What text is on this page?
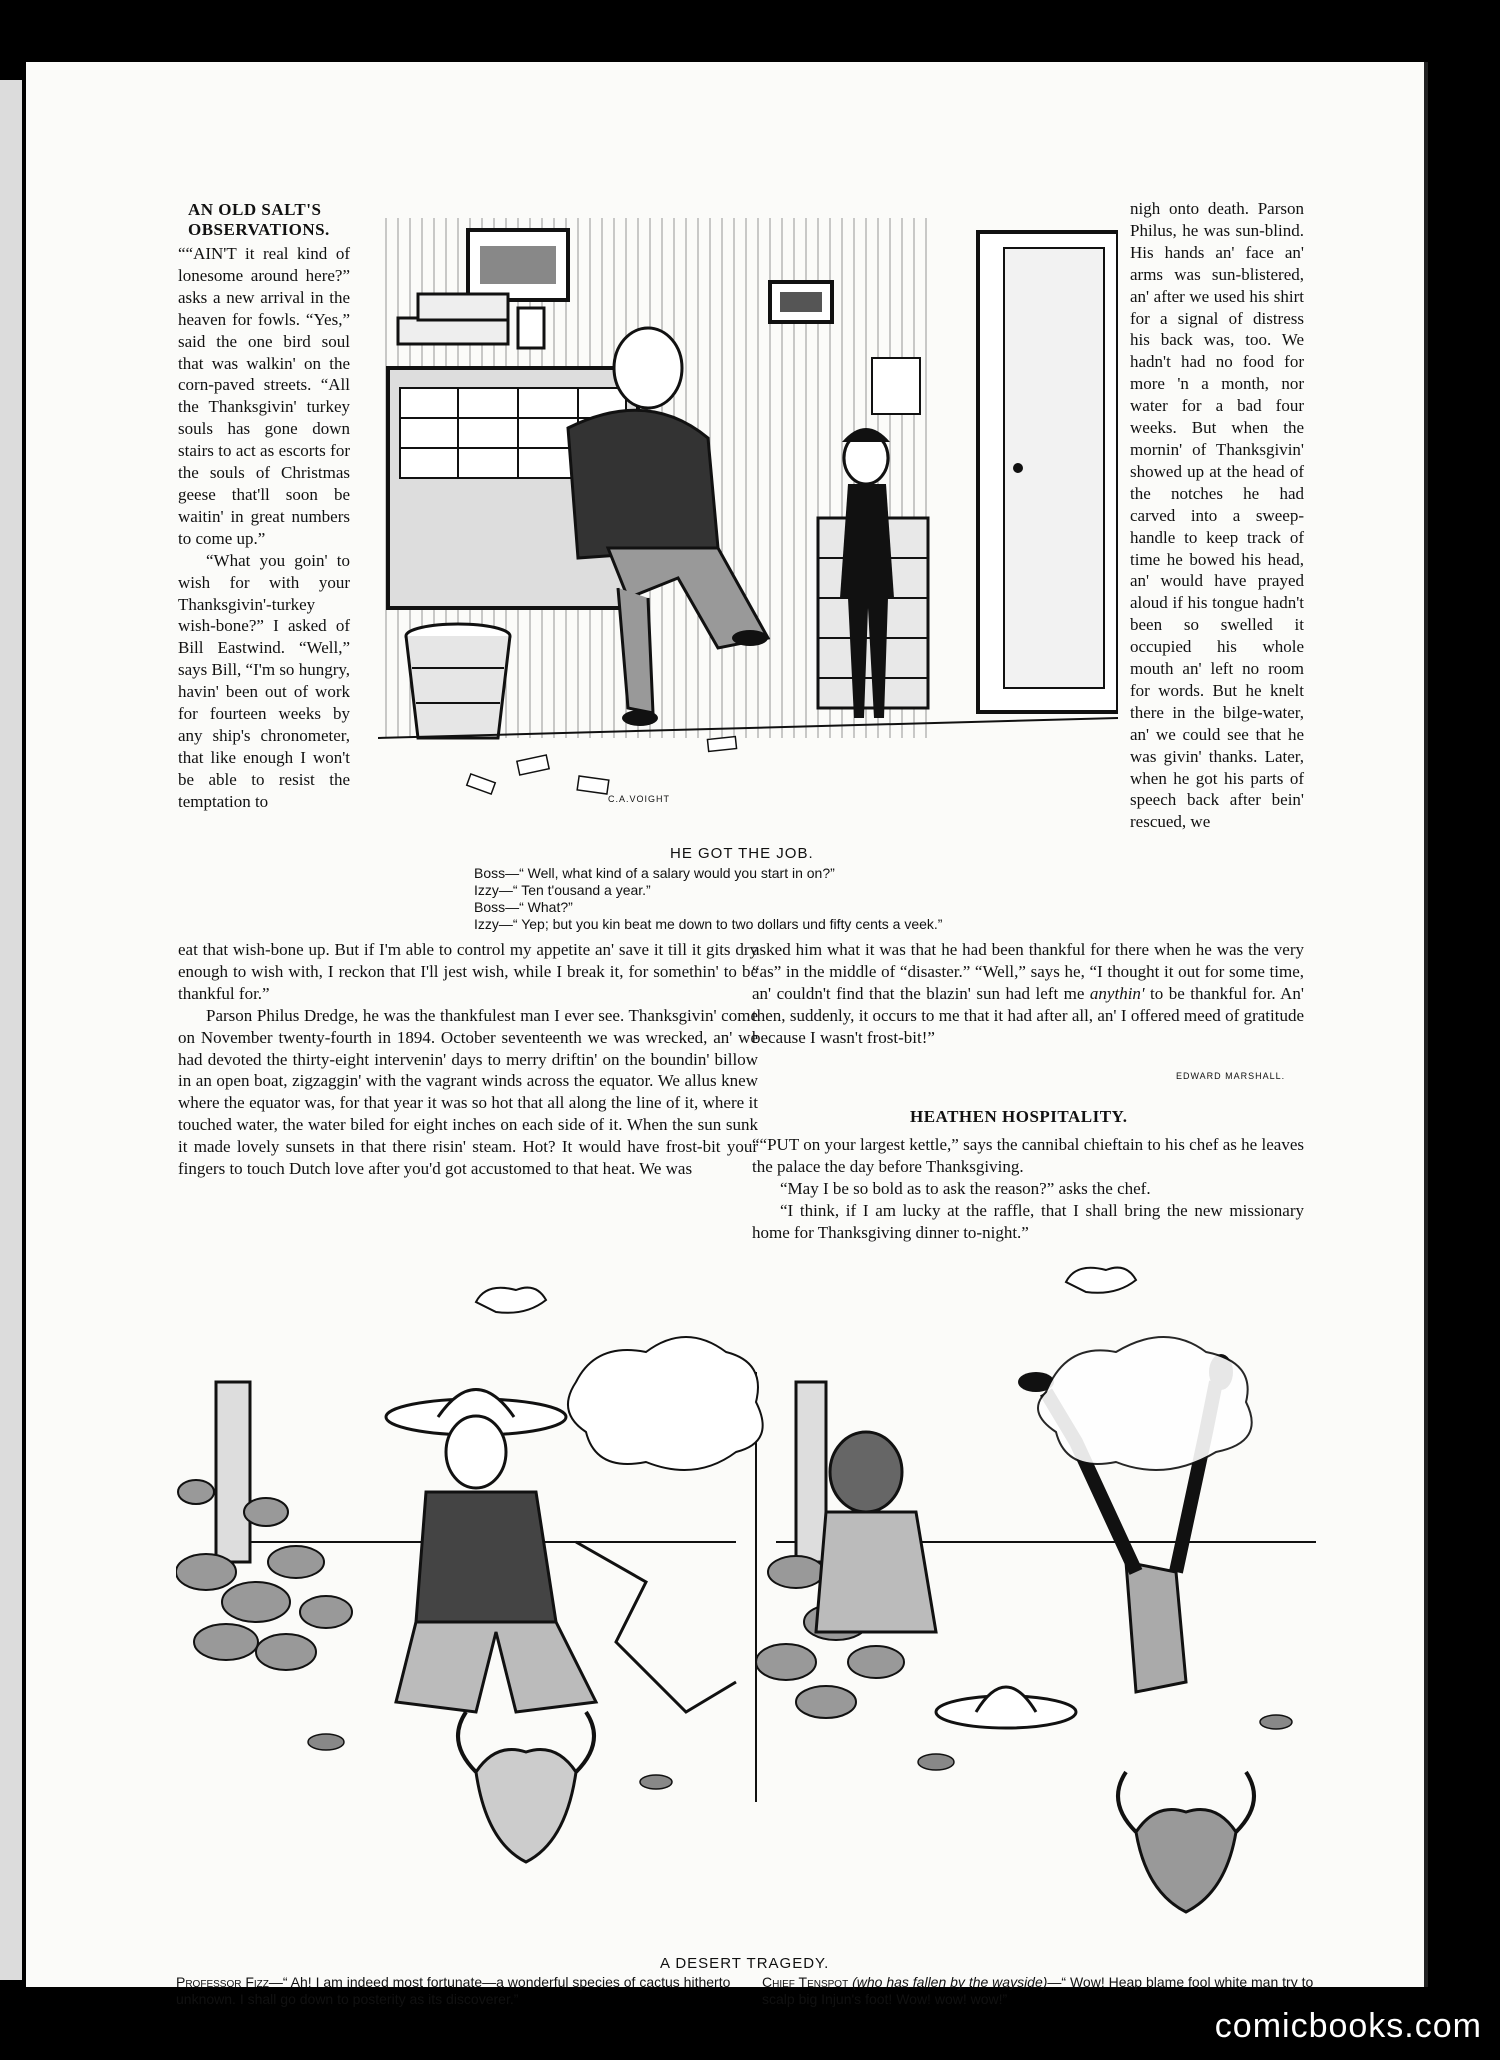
AN OLD SALT'S
OBSERVATIONS.

““AIN'T it real kind of lonesome around here?” asks a new arrival in the heaven for fowls. “Yes,” said the one bird soul that was walkin' on the corn-paved streets. “All the Thanksgivin' turkey souls has gone down stairs to act as escorts for the souls of Christmas geese that'll soon be waitin' in great numbers to come up.”

“What you goin' to wish for with your Thanksgivin'-turkey wish-bone?” I asked of Bill Eastwind. “Well,” says Bill, “I'm so hungry, havin' been out of work for fourteen weeks by any ship's chronometer, that like enough I won't be able to resist the temptation to

nigh onto death. Parson Philus, he was sun-blind. His hands an' face an' arms was sun-blistered, an' after we used his shirt for a signal of distress his back was, too. We hadn't had no food for more 'n a month, nor water for a bad four weeks. But when the mornin' of Thanksgivin' showed up at the head of the notches he had carved into a sweep-handle to keep track of time he bowed his head, an' would have prayed aloud if his tongue hadn't been so swelled it occupied his whole mouth an' left no room for words. But he knelt there in the bilge-water, an' we could see that he was givin' thanks. Later, when he got his parts of speech back after bein' rescued, we

C.A.VOIGHT
HE GOT THE JOB.
Boss—“ Well, what kind of a salary would you start in on?”
Izzy—“ Ten t'ousand a year.”
Boss—“ What?”
Izzy—“ Yep; but you kin beat me down to two dollars und fifty cents a veek.”

eat that wish-bone up. But if I'm able to control my appetite an' save it till it gits dry enough to wish with, I reckon that I'll jest wish, while I break it, for somethin' to be thankful for.”

Parson Philus Dredge, he was the thankfulest man I ever see. Thanksgivin' come on November twenty-fourth in 1894. October seventeenth we was wrecked, an' we had devoted the thirty-eight intervenin' days to merry driftin' on the boundin' billow in an open boat, zigzaggin' with the vagrant winds across the equator. We allus knew where the equator was, for that year it was so hot that all along the line of it, where it touched water, the water biled for eight inches on each side of it. When the sun sunk it made lovely sunsets in that there risin' steam. Hot? It would have frost-bit your fingers to touch Dutch love after you'd got accustomed to that heat. We was

asked him what it was that he had been thankful for there when he was the very “as” in the middle of “disaster.” “Well,” says he, “I thought it out for some time, an' couldn't find that the blazin' sun had left me anythin' to be thankful for. An' then, suddenly, it occurs to me that it had after all, an' I offered meed of gratitude because I wasn't frost-bit!”

EDWARD MARSHALL.
HEATHEN HOSPITALITY.

““PUT on your largest kettle,” says the cannibal chieftain to his chef as he leaves the palace the day before Thanksgiving.

“May I be so bold as to ask the reason?” asks the chef.

“I think, if I am lucky at the raffle, that I shall bring the new missionary home for Thanksgiving dinner to-night.”

A DESERT TRAGEDY.
Professor Fizz—“ Ah! I am indeed most fortunate—a wonderful species of cactus hitherto unknown. I shall go down to posterity as its discoverer.”
Chief Tenspot (who has fallen by the wayside)—“ Wow! Heap blame fool white man try to scalp big Injun's foot! Wow! wow! wow!”
comicbooks.com
